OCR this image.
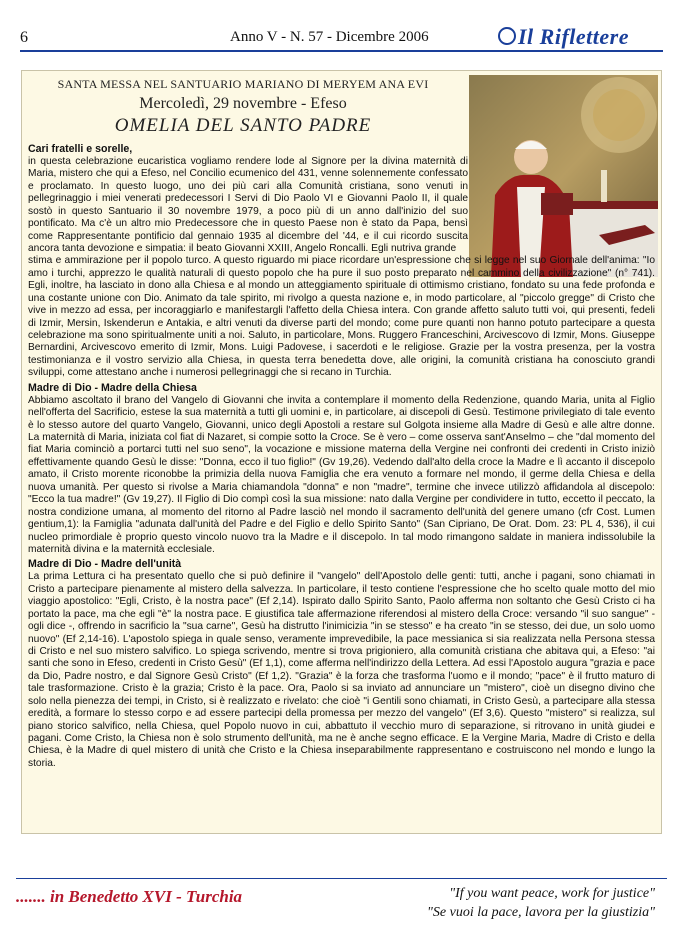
6	Anno V - N. 57 - Dicembre 2006	Il Riflettere
SANTA MESSA NEL SANTUARIO MARIANO DI MERYEM ANA EVI
Mercoledì, 29 novembre - Efeso
OMELIA DEL SANTO PADRE

Cari fratelli e sorelle,

in questa celebrazione eucaristica vogliamo rendere lode al Signore per la divina maternità di Maria, mistero che qui a Efeso, nel Concilio ecumenico del 431, venne solennemente confessato e proclamato. In questo luogo, uno dei più cari alla Comunità cristiana, sono venuti in pellegrinaggio i miei venerati predecessori I Servi di Dio Paolo VI e Giovanni Paolo II, il quale sostò in questo Santuario il 30 novembre 1979, a poco più di un anno dall'inizio del suo pontificato. Ma c'è un altro mio Predecessore che in questo Paese non è stato da Papa, bensì come Rappresentante pontificio dal gennaio 1935 al dicembre del '44, e il cui ricordo suscita ancora tanta devozione e simpatia: il beato Giovanni XXIII, Angelo Roncalli. Egli nutriva grande

stima e ammirazione per il popolo turco. A questo riguardo mi piace ricordare un'espressione che si legge nel suo Giornale dell'anima: "Io amo i turchi, apprezzo le qualità naturali di questo popolo che ha pure il suo posto preparato nel cammino della civilizzazione" (n° 741). Egli, inoltre, ha lasciato in dono alla Chiesa e al mondo un atteggiamento spirituale di ottimismo cristiano, fondato su una fede profonda e una costante unione con Dio. Animato da tale spirito, mi rivolgo a questa nazione e, in modo particolare, al "piccolo gregge" di Cristo che vive in mezzo ad essa, per incoraggiarlo e manifestargli l'affetto della Chiesa intera. Con grande affetto saluto tutti voi, qui presenti, fedeli di Izmir, Mersin, Iskenderun e Antakia, e altri venuti da diverse parti del mondo; come pure quanti non hanno potuto partecipare a questa celebrazione ma sono spiritualmente uniti a noi. Saluto, in particolare, Mons. Ruggero Franceschini, Arcivescovo di Izmir, Mons. Giuseppe Bernardini, Arcivescovo emerito di Izmir, Mons. Luigi Padovese, i sacerdoti e le religiose. Grazie per la vostra presenza, per la vostra testimonianza e il vostro servizio alla Chiesa, in questa terra benedetta dove, alle origini, la comunità cristiana ha conosciuto grandi sviluppi, come attestano anche i numerosi pellegrinaggi che si recano in Turchia.

Madre di Dio - Madre della Chiesa

Abbiamo ascoltato il brano del Vangelo di Giovanni che invita a contemplare il momento della Redenzione, quando Maria, unita al Figlio nell'offerta del Sacrificio, estese la sua maternità a tutti gli uomini e, in particolare, ai discepoli di Gesù. Testimone privilegiato di tale evento è lo stesso autore del quarto Vangelo, Giovanni, unico degli Apostoli a restare sul Golgota insieme alla Madre di Gesù e alle altre donne. La maternità di Maria, iniziata col fiat di Nazaret, si compie sotto la Croce. Se è vero – come osserva sant'Anselmo – che "dal momento del fiat Maria cominciò a portarci tutti nel suo seno", la vocazione e missione materna della Vergine nei confronti dei credenti in Cristo iniziò effettivamente quando Gesù le disse: "Donna, ecco il tuo figlio!" (Gv 19,26). Vedendo dall'alto della croce la Madre e lì accanto il discepolo amato, il Cristo morente riconobbe la primizia della nuova Famiglia che era venuto a formare nel mondo, il germe della Chiesa e della nuova umanità. Per questo si rivolse a Maria chiamandola "donna" e non "madre", termine che invece utilizzò affidandola al discepolo: "Ecco la tua madre!" (Gv 19,27). Il Figlio di Dio compì così la sua missione: nato dalla Vergine per condividere in tutto, eccetto il peccato, la nostra condizione umana, al momento del ritorno al Padre lasciò nel mondo il sacramento dell'unità del genere umano (cfr Cost. Lumen gentium,1): la Famiglia "adunata dall'unità del Padre e del Figlio e dello Spirito Santo" (San Cipriano, De Orat. Dom. 23: PL 4, 536), il cui nucleo primordiale è proprio questo vincolo nuovo tra la Madre e il discepolo. In tal modo rimangono saldate in maniera indissolubile la maternità divina e la maternità ecclesiale.

Madre di Dio - Madre dell'unità

La prima Lettura ci ha presentato quello che si può definire il "vangelo" dell'Apostolo delle genti: tutti, anche i pagani, sono chiamati in Cristo a partecipare pienamente al mistero della salvezza. In particolare, il testo contiene l'espressione che ho scelto quale motto del mio viaggio apostolico: "Egli, Cristo, è la nostra pace" (Ef 2,14). Ispirato dallo Spirito Santo, Paolo afferma non soltanto che Gesù Cristo ci ha portato la pace, ma che egli "è" la nostra pace. E giustifica tale affermazione riferendosi al mistero della Croce: versando "il suo sangue" - ogli dice -, offrendo in sacrificio la "sua carne", Gesù ha distrutto l'inimicizia "in se stesso" e ha creato "in se stesso, dei due, un solo uomo nuovo" (Ef 2,14-16). L'apostolo spiega in quale senso, veramente imprevedibile, la pace messianica si sia realizzata nella Persona stessa di Cristo e nel suo mistero salvifico. Lo spiega scrivendo, mentre si trova prigioniero, alla comunità cristiana che abitava qui, a Efeso: "ai santi che sono in Efeso, credenti in Cristo Gesù" (Ef 1,1), come afferma nell'indirizzo della Lettera. Ad essi l'Apostolo augura "grazia e pace da Dio, Padre nostro, e dal Signore Gesù Cristo" (Ef 1,2). "Grazia" è la forza che trasforma l'uomo e il mondo; "pace" è il frutto maturo di tale trasformazione. Cristo è la grazia; Cristo è la pace. Ora, Paolo si sa inviato ad annunciare un "mistero", cioè un disegno divino che solo nella pienezza dei tempi, in Cristo, si è realizzato e rivelato: che cioè "i Gentili sono chiamati, in Cristo Gesù, a partecipare alla stessa eredità, a formare lo stesso corpo e ad essere partecipi della promessa per mezzo del vangelo" (Ef 3,6). Questo "mistero" si realizza, sul piano storico salvifico, nella Chiesa, quel Popolo nuovo in cui, abbattuto il vecchio muro di separazione, si ritrovano in unità giudei e pagani. Come Cristo, la Chiesa non è solo strumento dell'unità, ma ne è anche segno efficace. E la Vergine Maria, Madre di Cristo e della Chiesa, è la Madre di quel mistero di unità che Cristo e la Chiesa inseparabilmente rappresentano e costruiscono nel mondo e lungo la storia.

....... in Benedetto XVI - Turchia	"If you want peace, work for justice"
"Se vuoi la pace, lavora per la giustizia"
